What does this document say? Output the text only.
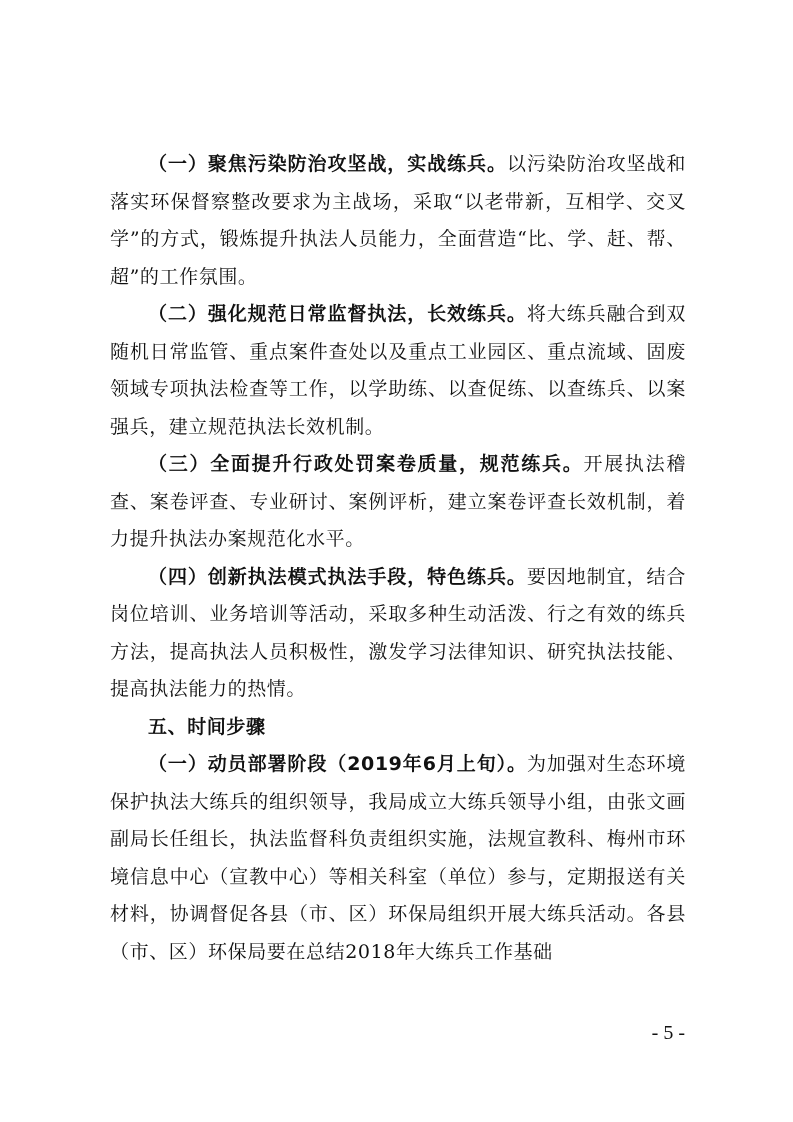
（一）聚焦污染防治攻坚战，实战练兵。以污染防治攻坚战和落实环保督察整改要求为主战场，采取“以老带新，互相学、交叉学”的方式，锻炼提升执法人员能力，全面营造“比、学、赶、帮、超”的工作氛围。

（二）强化规范日常监督执法，长效练兵。将大练兵融合到双随机日常监管、重点案件查处以及重点工业园区、重点流域、固废领域专项执法检查等工作，以学助练、以查促练、以查练兵、以案强兵，建立规范执法长效机制。

（三）全面提升行政处罚案卷质量，规范练兵。开展执法稽查、案卷评查、专业研讨、案例评析，建立案卷评查长效机制，着力提升执法办案规范化水平。

（四）创新执法模式执法手段，特色练兵。要因地制宜，结合岗位培训、业务培训等活动，采取多种生动活泼、行之有效的练兵方法，提高执法人员积极性，激发学习法律知识、研究执法技能、提高执法能力的热情。

五、时间步骤

（一）动员部署阶段（2019年6月上旬）。为加强对生态环境保护执法大练兵的组织领导，我局成立大练兵领导小组，由张文画副局长任组长，执法监督科负责组织实施，法规宣教科、梅州市环境信息中心（宣教中心）等相关科室（单位）参与，定期报送有关材料，协调督促各县（市、区）环保局组织开展大练兵活动。各县（市、区）环保局要在总结2018年大练兵工作基础

- 5 -
